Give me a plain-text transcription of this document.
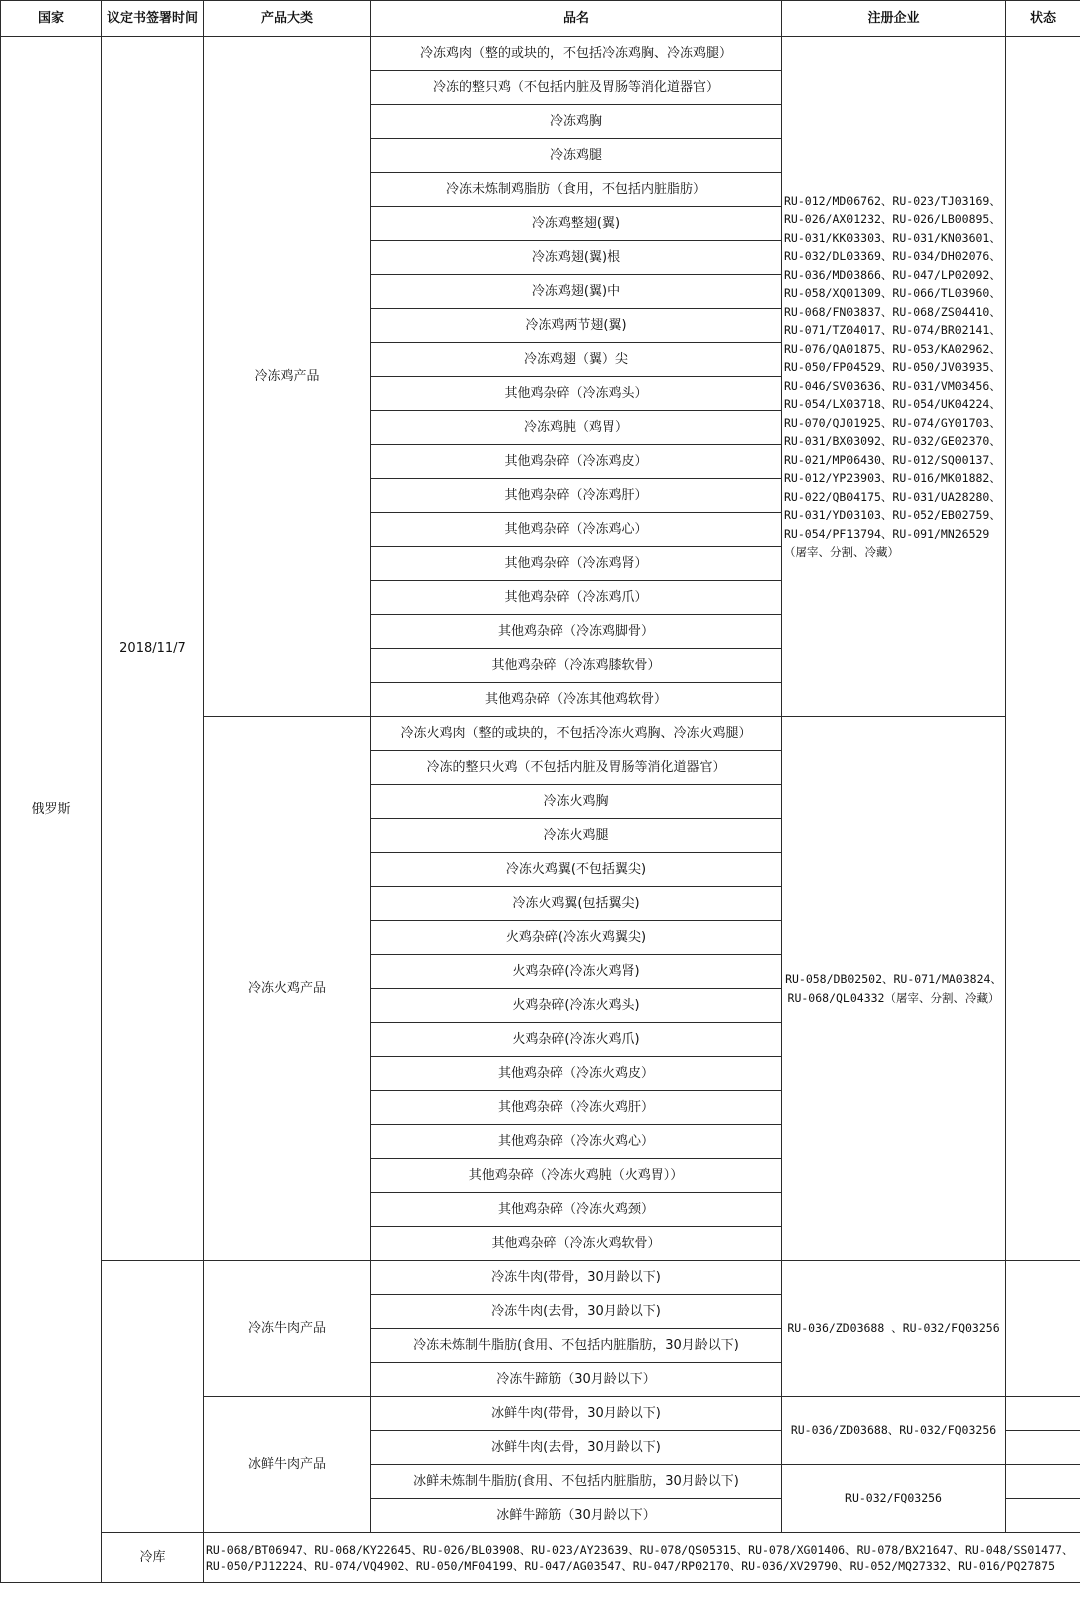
国家	议定书签署时间	产品大类	品名	注册企业	状态
俄罗斯	2018/11/7	冷冻鸡产品	冷冻鸡肉（整的或块的，不包括冷冻鸡胸、冷冻鸡腿）	RU-012/MD06762、RU-023/TJ03169、RU-026/AX01232、RU-026/LB00895、RU-031/KK03303、RU-031/KN03601、RU-032/DL03369、RU-034/DH02076、RU-036/MD03866、RU-047/LP02092、RU-058/XQ01309、RU-066/TL03960、RU-068/FN03837、RU-068/ZS04410、RU-071/TZ04017、RU-074/BR02141、RU-076/QA01875、RU-053/KA02962、RU-050/FP04529、RU-050/JV03935、RU-046/SV03636、RU-031/VM03456、RU-054/LX03718、RU-054/UK04224、RU-070/QJ01925、RU-074/GY01703、RU-031/BX03092、RU-032/GE02370、RU-021/MP06430、RU-012/SQ00137、RU-012/YP23903、RU-016/MK01882、RU-022/QB04175、RU-031/UA28280、RU-031/YD03103、RU-052/EB02759、RU-054/PF13794、RU-091/MN26529（屠宰、分割、冷藏）	
			冷冻的整只鸡（不包括内脏及胃肠等消化道器官）		
			冷冻鸡胸		
			冷冻鸡腿		
			冷冻未炼制鸡脂肪（食用，不包括内脏脂肪）		
			冷冻鸡整翅(翼)		
			冷冻鸡翅(翼)根		
			冷冻鸡翅(翼)中		
			冷冻鸡两节翅(翼)		
			冷冻鸡翅（翼）尖		
			其他鸡杂碎（冷冻鸡头）		
			冷冻鸡肫（鸡胃）		
			其他鸡杂碎（冷冻鸡皮）		
			其他鸡杂碎（冷冻鸡肝）		
			其他鸡杂碎（冷冻鸡心）		
			其他鸡杂碎（冷冻鸡肾）		
			其他鸡杂碎（冷冻鸡爪）		
			其他鸡杂碎（冷冻鸡脚骨）		
			其他鸡杂碎（冷冻鸡膝软骨）		
			其他鸡杂碎（冷冻其他鸡软骨）		
		冷冻火鸡产品	冷冻火鸡肉（整的或块的，不包括冷冻火鸡胸、冷冻火鸡腿）	RU-058/DB02502、RU-071/MA03824、RU-068/QL04332（屠宰、分割、冷藏）	
			冷冻的整只火鸡（不包括内脏及胃肠等消化道器官）		
			冷冻火鸡胸		
			冷冻火鸡腿		
			冷冻火鸡翼(不包括翼尖)		
			冷冻火鸡翼(包括翼尖)		
			火鸡杂碎(冷冻火鸡翼尖)		
			火鸡杂碎(冷冻火鸡肾)		
			火鸡杂碎(冷冻火鸡头)		
			火鸡杂碎(冷冻火鸡爪)		
			其他鸡杂碎（冷冻火鸡皮）		
			其他鸡杂碎（冷冻火鸡肝）		
			其他鸡杂碎（冷冻火鸡心）		
			其他鸡杂碎（冷冻火鸡肫（火鸡胃））		
			其他鸡杂碎（冷冻火鸡颈）		
			其他鸡杂碎（冷冻火鸡软骨）		
		冷冻牛肉产品	冷冻牛肉(带骨，30月龄以下)	RU-036/ZD03688 、RU-032/FQ03256	
			冷冻牛肉(去骨，30月龄以下)		
			冷冻未炼制牛脂肪(食用、不包括内脏脂肪，30月龄以下)		
			冷冻牛蹄筋（30月龄以下）		
		冰鲜牛肉产品	冰鲜牛肉(带骨，30月龄以下)	RU-036/ZD03688、RU-032/FQ03256	
			冰鲜牛肉(去骨，30月龄以下)		
			冰鲜未炼制牛脂肪(食用、不包括内脏脂肪，30月龄以下)	RU-032/FQ03256	
			冰鲜牛蹄筋（30月龄以下）		
	冷库	RU-068/BT06947、RU-068/KY22645、RU-026/BL03908、RU-023/AY23639、RU-078/QS05315、RU-078/XG01406、RU-078/BX21647、RU-048/SS01477、RU-050/PJ12224、RU-074/VQ4902、RU-050/MF04199、RU-047/AG03547、RU-047/RP02170、RU-036/XV29790、RU-052/MQ27332、RU-016/PQ27875			
